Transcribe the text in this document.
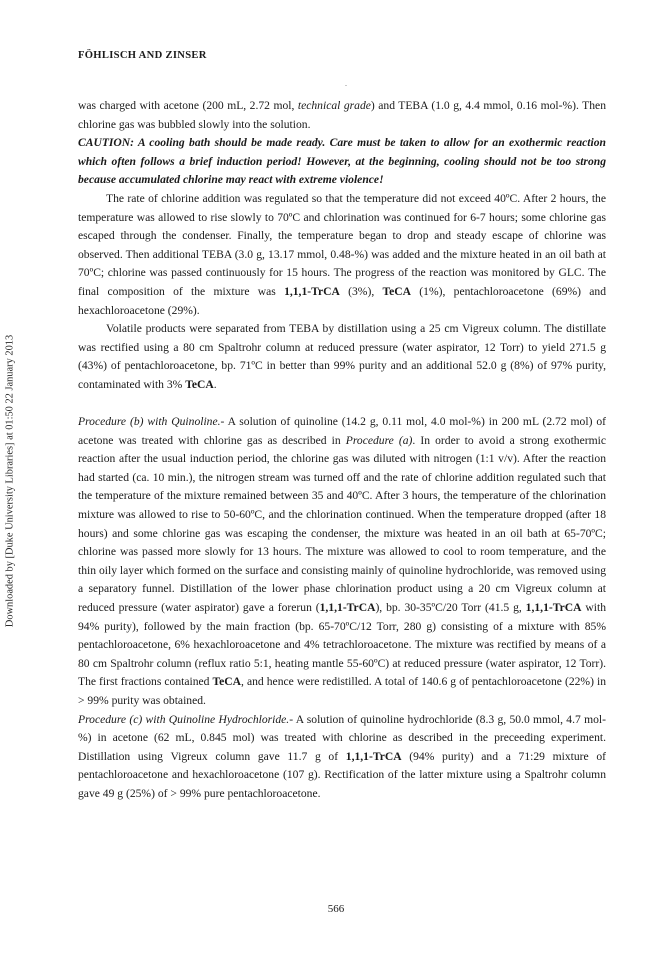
FÖHLISCH AND ZINSER
Downloaded by [Duke University Libraries] at 01:50 22 January 2013

was charged with acetone (200 mL, 2.72 mol, technical grade) and TEBA (1.0 g, 4.4 mmol, 0.16 mol-%). Then chlorine gas was bubbled slowly into the solution.

CAUTION: A cooling bath should be made ready. Care must be taken to allow for an exothermic reaction which often follows a brief induction period! However, at the beginning, cooling should not be too strong because accumulated chlorine may react with extreme violence!

The rate of chlorine addition was regulated so that the temperature did not exceed 40ºC. After 2 hours, the temperature was allowed to rise slowly to 70ºC and chlorination was continued for 6-7 hours; some chlorine gas escaped through the condenser. Finally, the temperature began to drop and steady escape of chlorine was observed. Then additional TEBA (3.0 g, 13.17 mmol, 0.48-%) was added and the mixture heated in an oil bath at 70ºC; chlorine was passed continuously for 15 hours. The progress of the reaction was monitored by GLC. The final composition of the mixture was 1,1,1-TrCA (3%), TeCA (1%), pentachloroacetone (69%) and hexachloroacetone (29%).

Volatile products were separated from TEBA by distillation using a 25 cm Vigreux column. The distillate was rectified using a 80 cm Spaltrohr column at reduced pressure (water aspirator, 12 Torr) to yield 271.5 g (43%) of pentachloroacetone, bp. 71ºC in better than 99% purity and an additional 52.0 g (8%) of 97% purity, contaminated with 3% TeCA.

Procedure (b) with Quinoline.- A solution of quinoline (14.2 g, 0.11 mol, 4.0 mol-%) in 200 mL (2.72 mol) of acetone was treated with chlorine gas as described in Procedure (a). In order to avoid a strong exothermic reaction after the usual induction period, the chlorine gas was diluted with nitrogen (1:1 v/v). After the reaction had started (ca. 10 min.), the nitrogen stream was turned off and the rate of chlorine addition regulated such that the temperature of the mixture remained between 35 and 40ºC. After 3 hours, the temperature of the chlorination mixture was allowed to rise to 50-60ºC, and the chlorination continued. When the temperature dropped (after 18 hours) and some chlorine gas was escaping the condenser, the mixture was heated in an oil bath at 65-70ºC; chlorine was passed more slowly for 13 hours. The mixture was allowed to cool to room temperature, and the thin oily layer which formed on the surface and consisting mainly of quinoline hydrochloride, was removed using a separatory funnel. Distillation of the lower phase chlorination product using a 20 cm Vigreux column at reduced pressure (water aspirator) gave a forerun (1,1,1-TrCA), bp. 30-35ºC/20 Torr (41.5 g, 1,1,1-TrCA with 94% purity), followed by the main fraction (bp. 65-70ºC/12 Torr, 280 g) consisting of a mixture with 85% pentachloroacetone, 6% hexachloroacetone and 4% tetrachloroacetone. The mixture was rectified by means of a 80 cm Spaltrohr column (reflux ratio 5:1, heating mantle 55-60ºC) at reduced pressure (water aspirator, 12 Torr). The first fractions contained TeCA, and hence were redistilled. A total of 140.6 g of pentachloroacetone (22%) in > 99% purity was obtained.

Procedure (c) with Quinoline Hydrochloride.- A solution of quinoline hydrochloride (8.3 g, 50.0 mmol, 4.7 mol-%) in acetone (62 mL, 0.845 mol) was treated with chlorine as described in the preceeding experiment. Distillation using Vigreux column gave 11.7 g of 1,1,1-TrCA (94% purity) and a 71:29 mixture of pentachloroacetone and hexachloroacetone (107 g). Rectification of the latter mixture using a Spaltrohr column gave 49 g (25%) of > 99% pure pentachloroacetone.

566
